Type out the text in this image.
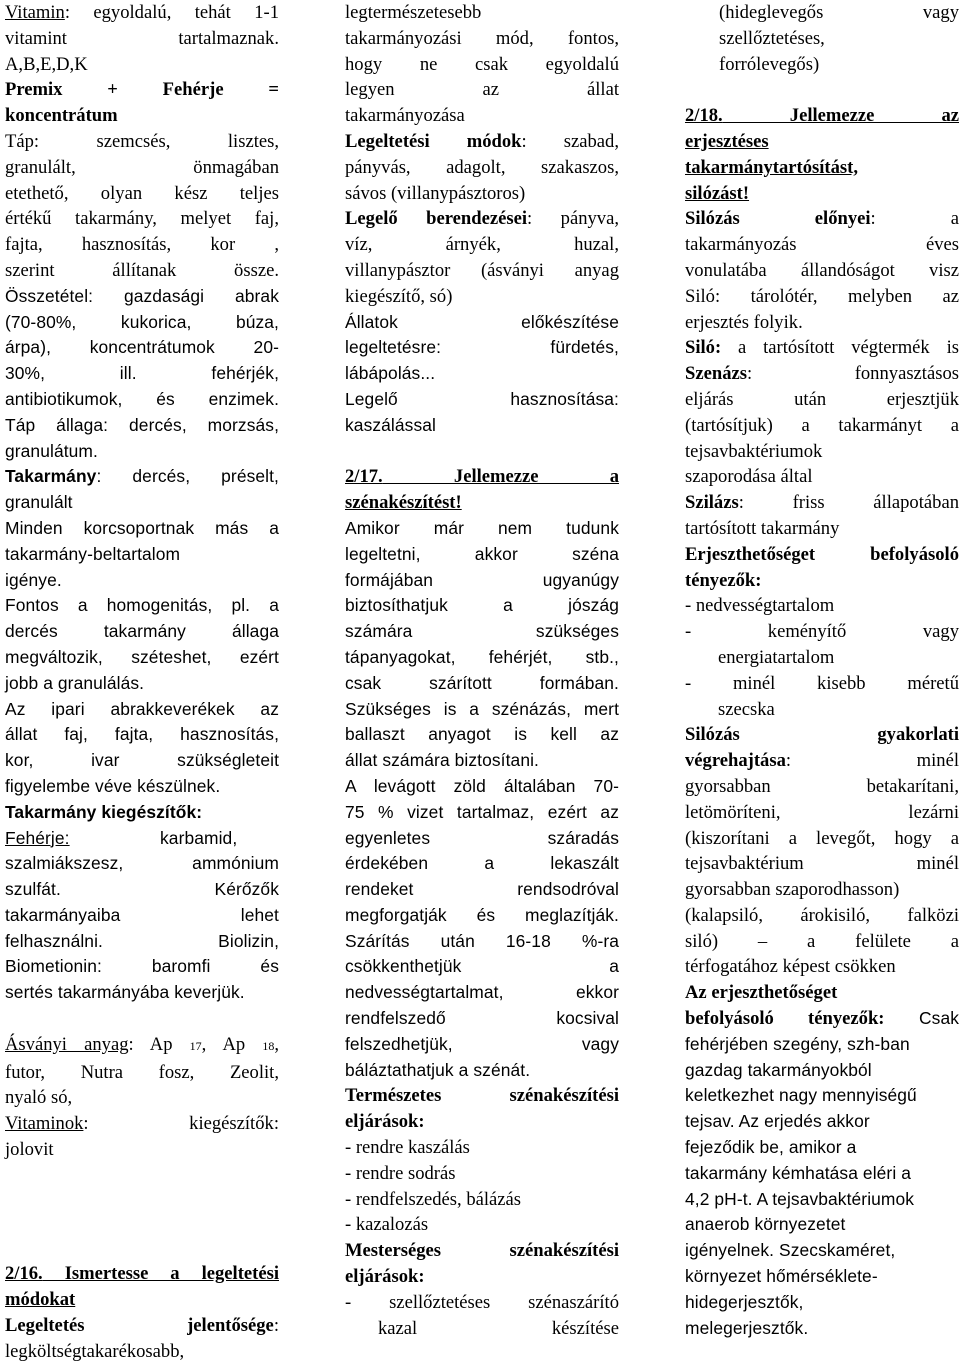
Vitamin: egyoldalú, tehát 1-1
vitamint tartalmaznak.
A,B,E,D,K
Premix + Fehérje =
koncentrátum
Táp: szemcsés, lisztes,
granulált, önmagában
etethető, olyan kész teljes
értékű takarmány, melyet faj,
fajta, hasznosítás, kor ,
szerint állítanak össze.
Összetétel: gazdasági abrak
(70-80%, kukorica, búza,
árpa), koncentrátumok 20-
30%, ill. fehérjék,
antibiotikumok, és enzimek.
Táp állaga: dercés, morzsás,
granulátum.
Takarmány: dercés, préselt,
granulált
Minden korcsoportnak más a
takarmány-beltartalom
igénye.
Fontos a homogenitás, pl. a
dercés takarmány állaga
megváltozik, széteshet, ezért
jobb a granulálás.
Az ipari abrakkeverékek az
állat faj, fajta, hasznosítás,
kor, ivar szükségleteit
figyelembe véve készülnek.
Takarmány kiegészítők:
Fehérje:	karbamid,
szalmiákszesz, ammónium
szulfát. Kérőzők
takarmányaiba lehet
felhasználni. Biolizin,
Biometionin: baromfi és
sertés takarmányába keverjük.
Ásványi anyag: Ap 17, Ap 18,
futor, Nutra fosz, Zeolit,
nyaló só,
Vitaminok: kiegészítők:
jolovit
2/16. Ismertesse a legeltetési
módokat
Legeltetés jelentősége:
legköltségtakarékosabb,
legtermészetesebb
takarmányozási mód, fontos,
hogy ne csak egyoldalú
legyen az állat
takarmányozása
Legeltetési módok: szabad,
pányvás, adagolt, szakaszos,
sávos (villanypásztoros)
Legelő berendezései: pányva,
víz, árnyék, huzal,
villanypásztor (ásványi anyag
kiegészítő, só)
Állatok előkészítése
legeltetésre: fürdetés,
lábápolás...
Legelő hasznosítása:
kaszálással
2/17. Jellemezze a
szénakészítést!
Amikor már nem tudunk
legeltetni, akkor széna
formájában ugyanúgy
biztosíthatjuk a jószág
számára szükséges
tápanyagokat, fehérjét, stb.,
csak szárított formában.
Szükséges is a szénázás, mert
ballaszt anyagot is kell az
állat számára biztosítani.
A levágott zöld általában 70-
75 % vizet tartalmaz, ezért az
egyenletes száradás
érdekében a lekaszált
rendeket rendsodróval
megforgatják és meglazítják.
Szárítás után 16-18 %-ra
csökkenthetjük a
nedvességtartalmat, ekkor
rendfelszedő kocsival
felszedhetjük, vagy
báláztathatjuk a szénát.
Természetes szénakészítési
eljárások:
- rendre kaszálás
- rendre sodrás
- rendfelszedés, bálázás
- kazalozás
Mesterséges szénakészítési
eljárások:
- szellőztetéses szénaszárító
kazal készítése
(hideglevegős vagy
szellőztetéses,
forrólevegős)
2/18. Jellemezze az
erjesztéses
takarmánytartósítást,
silózást!
Silózás előnyei: a
takarmányozás éves
vonulatába állandóságot visz
Siló: tárolótér, melyben az
erjesztés folyik.
Siló: a tartósított végtermék is
Szenázs: fonnyasztásos
eljárás után erjesztjük
(tartósítjuk) a takarmányt a
tejsavbaktériumok
szaporodása által
Szilázs: friss állapotában
tartósított takarmány
Erjeszthetőséget befolyásoló
tényezők:
- nedvességtartalom
- keményítő vagy
energiatartalom
- minél kisebb méretű
szecska
Silózás gyakorlati
végrehajtása: minél
gyorsabban betakarítani,
letömöríteni, lezárni
(kiszorítani a levegőt, hogy a
tejsavbaktérium minél
gyorsabban szaporodhasson)
(kalapsiló, árokisiló, falközi
siló) – a felülete a
térfogatához képest csökken
Az erjeszthetőséget
befolyásoló tényezők: Csak
fehérjében szegény, szh-ban
gazdag takarmányokból
keletkezhet nagy mennyiségű
tejsav. Az erjedés akkor
fejeződik be, amikor a
takarmány kémhatása eléri a
4,2 pH-t. A tejsavbaktériumok
anaerob környezetet
igényelnek. Szecskaméret,
környezet hőmérséklete-
hidegerjesztők,
melegerjesztők.
